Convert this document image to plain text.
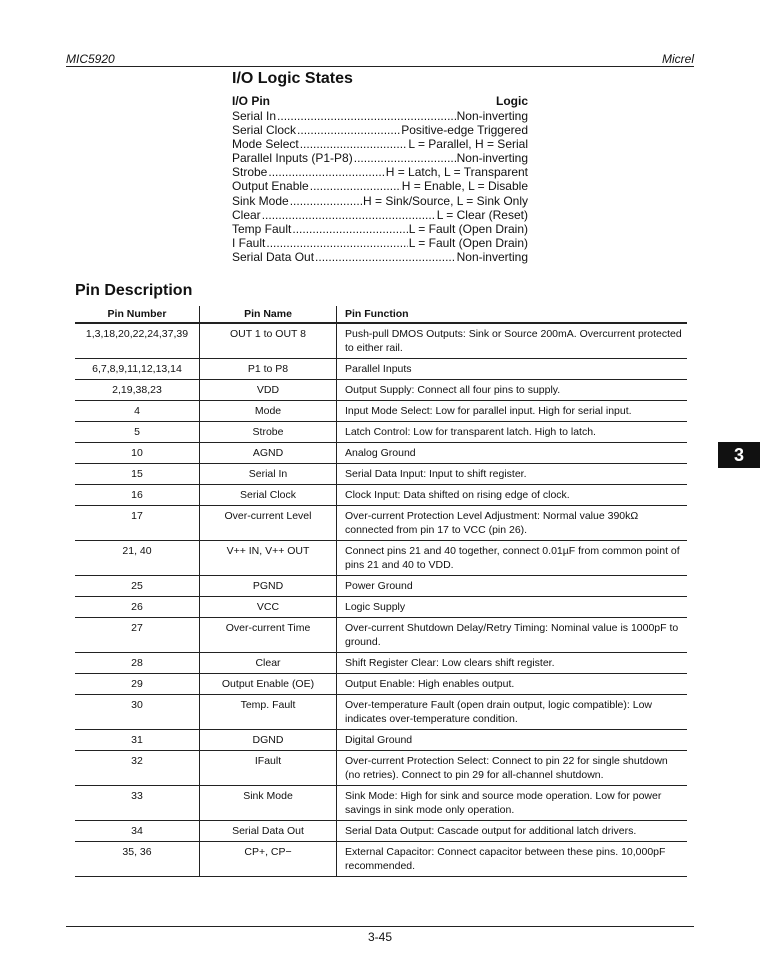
MIC5920	Micrel
I/O Logic States
I/O Pin	Logic
Serial In .....	Non-inverting
Serial Clock .....	Positive-edge Triggered
Mode Select .....	L = Parallel, H = Serial
Parallel Inputs (P1-P8) .....	Non-inverting
Strobe .....	H = Latch, L = Transparent
Output Enable .....	H = Enable, L = Disable
Sink Mode .....	H = Sink/Source, L = Sink Only
Clear .....	L = Clear (Reset)
Temp Fault .....	L = Fault (Open Drain)
I Fault .....	L = Fault (Open Drain)
Serial Data Out .....	Non-inverting
Pin Description
Pin Number	Pin Name	Pin Function
1,3,18,20,22,24,37,39	OUT 1 to OUT 8	Push-pull DMOS Outputs: Sink or Source 200mA. Overcurrent protected to either rail.
6,7,8,9,11,12,13,14	P1 to P8	Parallel Inputs
2,19,38,23	VDD	Output Supply: Connect all four pins to supply.
4	Mode	Input Mode Select: Low for parallel input. High for serial input.
5	Strobe	Latch Control: Low for transparent latch. High to latch.
10	AGND	Analog Ground
15	Serial In	Serial Data Input: Input to shift register.
16	Serial Clock	Clock Input: Data shifted on rising edge of clock.
17	Over-current Level	Over-current Protection Level Adjustment: Normal value 390kΩ connected from pin 17 to VCC (pin 26).
21, 40	V++ IN, V++ OUT	Connect pins 21 and 40 together, connect 0.01µF from common point of pins 21 and 40 to VDD.
25	PGND	Power Ground
26	VCC	Logic Supply
27	Over-current Time	Over-current Shutdown Delay/Retry Timing: Nominal value is 1000pF to ground.
28	Clear	Shift Register Clear: Low clears shift register.
29	Output Enable (OE)	Output Enable: High enables output.
30	Temp. Fault	Over-temperature Fault (open drain output, logic compatible): Low indicates over-temperature condition.
31	DGND	Digital Ground
32	IFault	Over-current Protection Select: Connect to pin 22 for single shutdown (no retries). Connect to pin 29 for all-channel shutdown.
33	Sink Mode	Sink Mode: High for sink and source mode operation. Low for power savings in sink mode only operation.
34	Serial Data Out	Serial Data Output: Cascade output for additional latch drivers.
35, 36	CP+, CP−	External Capacitor: Connect capacitor between these pins. 10,000pF recommended.
3
3-45
